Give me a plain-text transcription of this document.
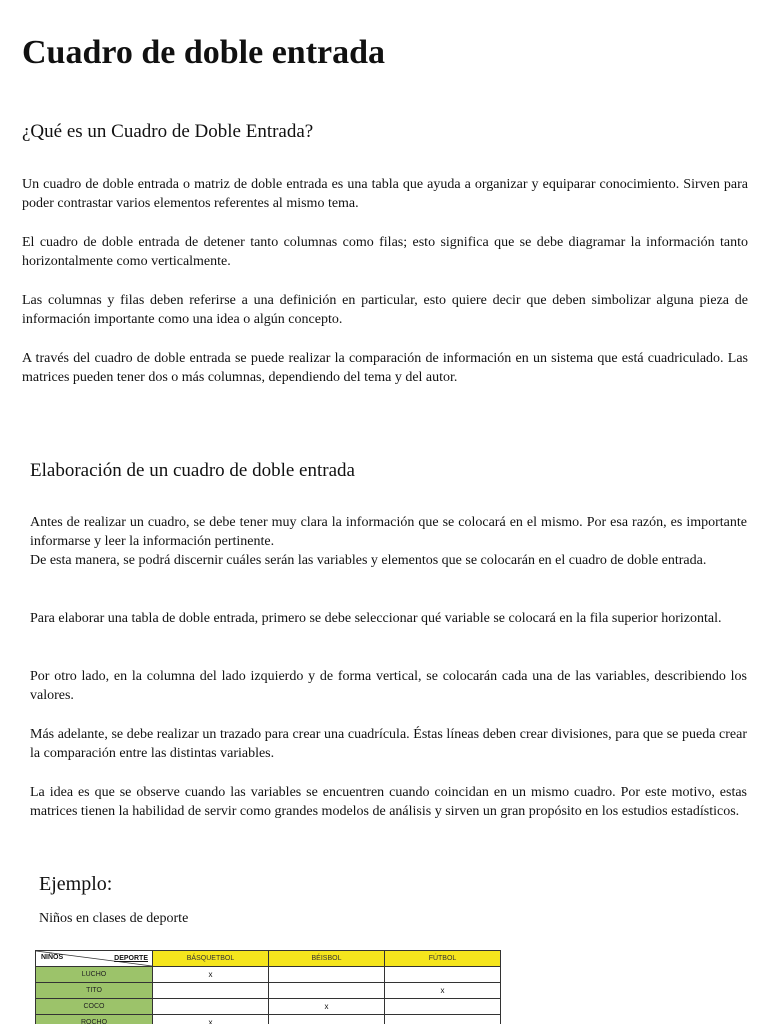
Cuadro de doble entrada
¿Qué es un Cuadro de Doble Entrada?

Un cuadro de doble entrada o matriz de doble entrada es una tabla que ayuda a organizar y equiparar conocimiento. Sirven para poder contrastar varios elementos referentes al mismo tema.

El cuadro de doble entrada de detener tanto columnas como filas; esto significa que se debe diagramar la información tanto horizontalmente como verticalmente.

Las columnas y filas deben referirse a una definición en particular, esto quiere decir que deben simbolizar alguna pieza de información importante como una idea o algún concepto.

A través del cuadro de doble entrada se puede realizar la comparación de información en un sistema que está cuadriculado. Las matrices pueden tener dos o más columnas, dependiendo del tema y del autor.

Elaboración de un cuadro de doble entrada

Antes de realizar un cuadro, se debe tener muy clara la información que se colocará en el mismo. Por esa razón, es importante informarse y leer la información pertinente.
De esta manera, se podrá discernir cuáles serán las variables y elementos que se colocarán en el cuadro de doble entrada.

Para elaborar una tabla de doble entrada, primero se debe seleccionar qué variable se colocará en la fila superior horizontal.

Por otro lado, en la columna del lado izquierdo y de forma vertical, se colocarán cada una de las variables, describiendo los valores.

Más adelante, se debe realizar un trazado para crear una cuadrícula. Éstas líneas deben crear divisiones, para que se pueda crear la comparación entre las distintas variables.

La idea es que se observe cuando las variables se encuentren cuando coincidan en un mismo cuadro. Por este motivo, estas matrices tienen la habilidad de servir como grandes modelos de análisis y sirven un gran propósito en los estudios estadísticos.

Ejemplo:

Niños en clases de deporte

NIÑOS DEPORTE	BÁSQUETBOL	BÉISBOL	FÚTBOL
LUCHO	x		
TITO			x
COCO		x	
ROCHO	x		
